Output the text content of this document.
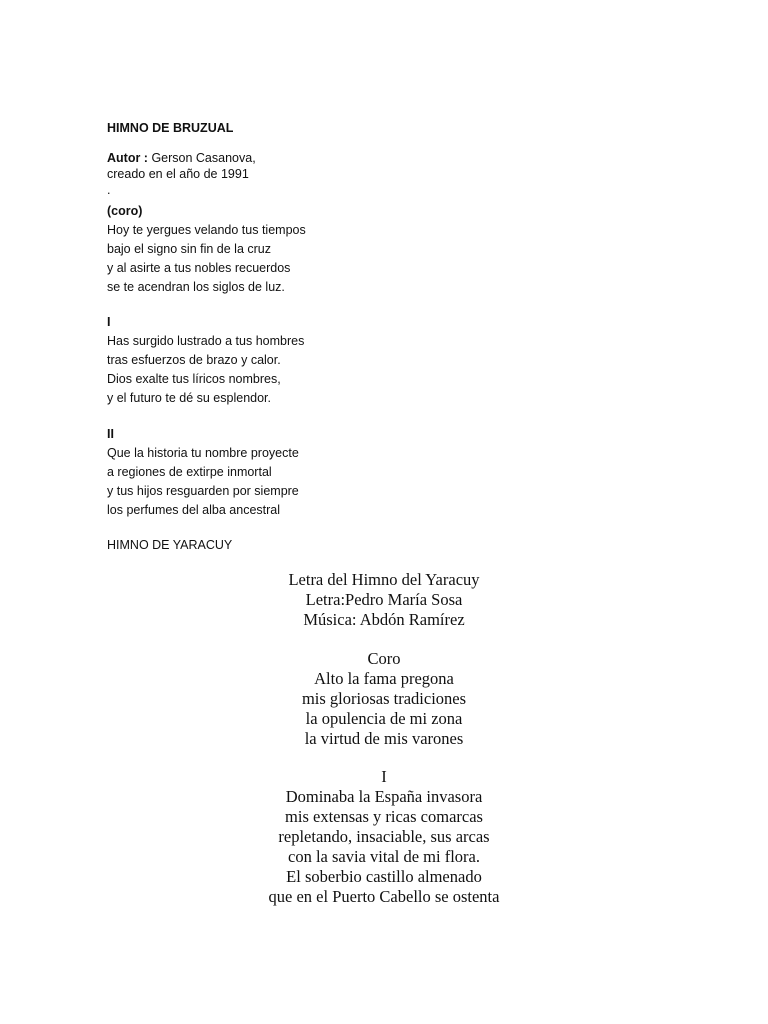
HIMNO DE BRUZUAL
Autor : Gerson Casanova,
creado en el año de 1991
.
(coro)
Hoy te yergues velando tus tiempos
bajo el signo sin fin de la cruz
y al asirte a tus nobles recuerdos
se te acendran los siglos de luz.
I
Has surgido lustrado a tus hombres
tras esfuerzos de brazo y calor.
Dios exalte tus líricos nombres,
y el futuro te dé su esplendor.
II
Que la historia tu nombre proyecte
a regiones de extirpe inmortal
y tus hijos resguarden por siempre
los perfumes del alba ancestral
HIMNO DE YARACUY
Letra del Himno del Yaracuy
Letra:Pedro María Sosa
Música: Abdón Ramírez
Coro
Alto la fama pregona
mis gloriosas tradiciones
la opulencia de mi zona
la virtud de mis varones
I
Dominaba la España invasora
mis extensas y ricas comarcas
repletando, insaciable, sus arcas
con la savia vital de mi flora.
El soberbio castillo almenado
que en el Puerto Cabello se ostenta
